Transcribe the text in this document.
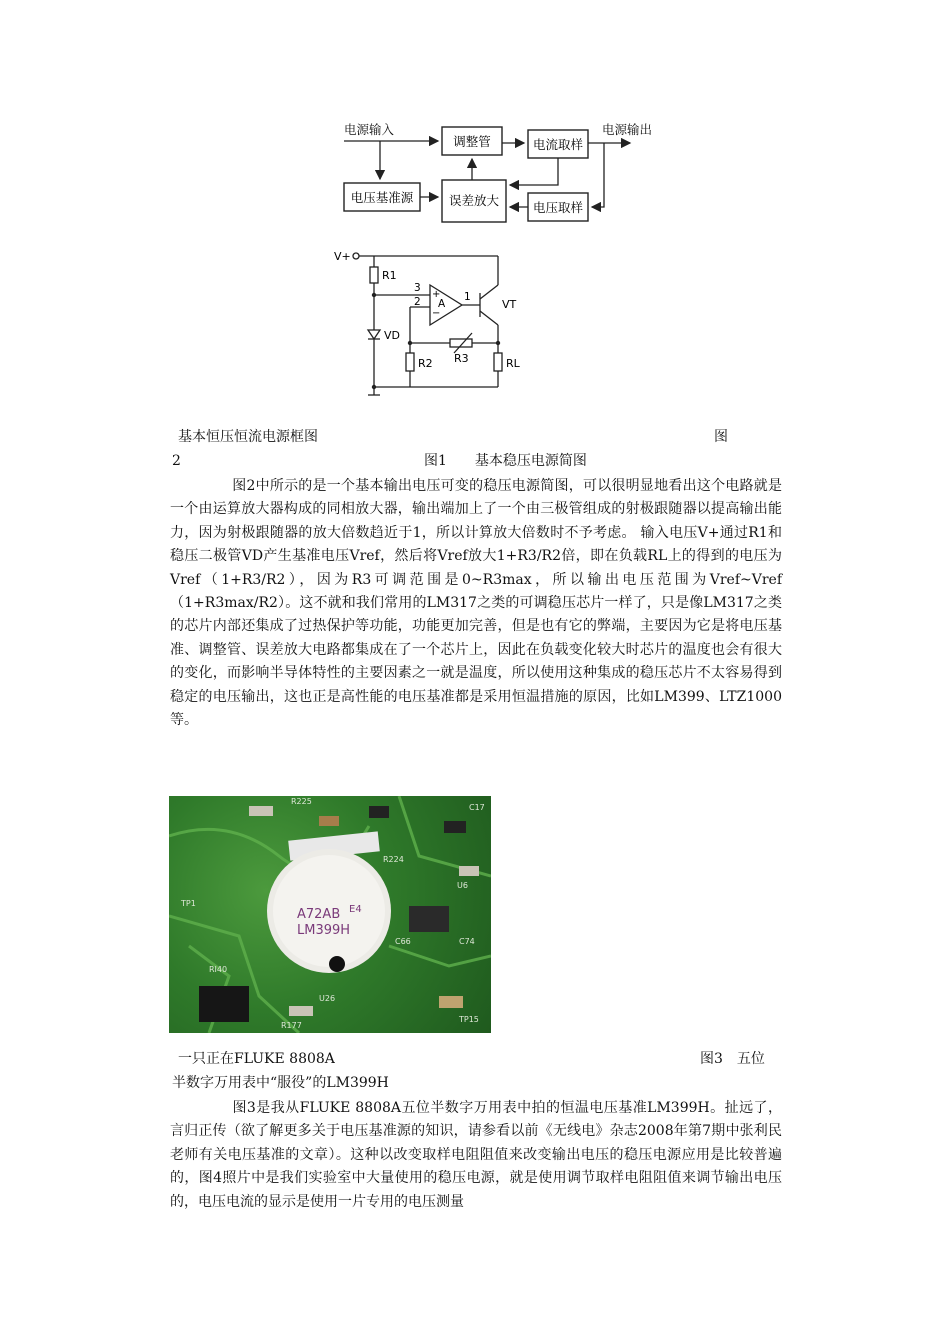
电源输入	电源输出
调整管	电流取样
电压基准源	误差放大	电压取样
V+
R1
3
2
+
A
−
1
VT
VD
R2 R3	RL
基本恒压恒流电源框图	图
2	图1　　基本稳压电源简图

图2中所示的是一个基本输出电压可变的稳压电源简图，可以很明显地看出这个电路就是一个由运算放大器构成的同相放大器，输出端加上了一个由三极管组成的射极跟随器以提高输出能力，因为射极跟随器的放大倍数趋近于1，所以计算放大倍数时不予考虑。 输入电压V+通过R1和稳压二极管VD产生基准电压Vref，然后将Vref放大1+R3/R2倍，即在负载RL上的得到的电压为Vref（1+R3/R2），因为R3可调范围是0~R3max，所以输出电压范围为Vref~Vref（1+R3max/R2）。这不就和我们常用的LM317之类的可调稳压芯片一样了，只是像LM317之类的芯片内部还集成了过热保护等功能，功能更加完善，但是也有它的弊端，主要因为它是将电压基准、调整管、误差放大电路都集成在了一个芯片上，因此在负载变化较大时芯片的温度也会有很大的变化，而影响半导体特性的主要因素之一就是温度，所以使用这种集成的稳压芯片不太容易得到稳定的电压输出，这也正是高性能的电压基准都是采用恒温措施的原因，比如LM399、LTZ1000等。

R225
C17
R224
U6
C66	C74
TP1
RI40
R177
U26
TP15
A72AB E4
LM399H
一只正在FLUKE 8808A	图3　五位
半数字万用表中“服役”的LM399H

图3是我从FLUKE 8808A五位半数字万用表中拍的恒温电压基准LM399H。扯远了，言归正传（欲了解更多关于电压基准源的知识，请参看以前《无线电》杂志2008年第7期中张利民老师有关电压基准的文章）。这种以改变取样电阻阻值来改变输出电压的稳压电源应用是比较普遍的，图4照片中是我们实验室中大量使用的稳压电源，就是使用调节取样电阻阻值来调节输出电压的，电压电流的显示是使用一片专用的电压测量
